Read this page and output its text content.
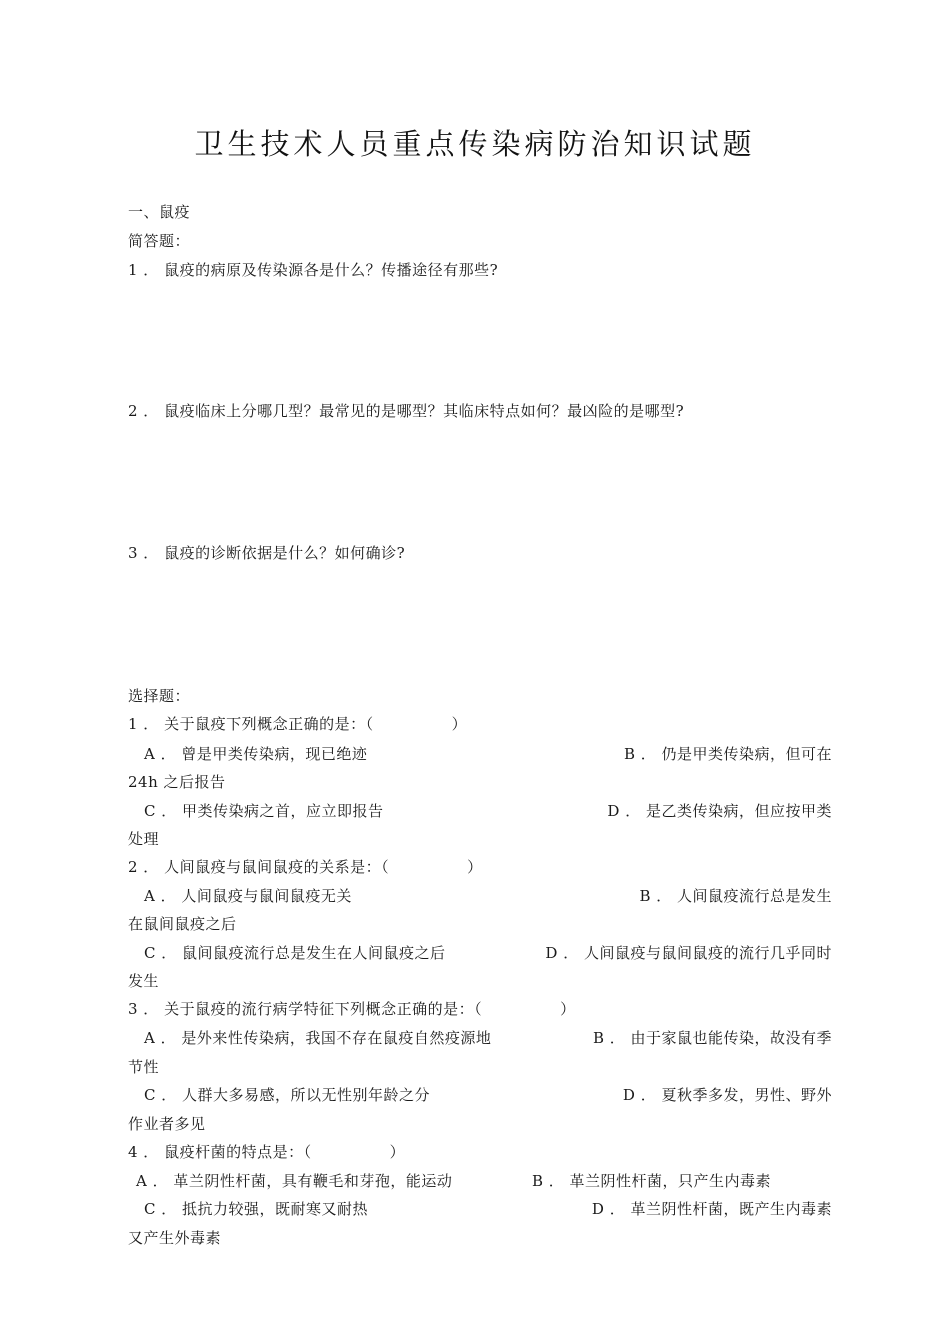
卫生技术人员重点传染病防治知识试题
一、鼠疫
简答题：
1 ． 鼠疫的病原及传染源各是什么？传播途径有那些?
2 ． 鼠疫临床上分哪几型？最常见的是哪型？其临床特点如何？最凶险的是哪型?
3 ． 鼠疫的诊断依据是什么？如何确诊?
选择题：
1 ． 关于鼠疫下列概念正确的是：（	）
A ． 曾是甲类传染病，现已绝迹	B ． 仍是甲类传染病，但可在
24h 之后报告
C ． 甲类传染病之首，应立即报告	D ． 是乙类传染病，但应按甲类
处理
2 ． 人间鼠疫与鼠间鼠疫的关系是：（	）
A ． 人间鼠疫与鼠间鼠疫无关	B ． 人间鼠疫流行总是发生
在鼠间鼠疫之后
C ． 鼠间鼠疫流行总是发生在人间鼠疫之后	D ． 人间鼠疫与鼠间鼠疫的流行几乎同时
发生
3 ． 关于鼠疫的流行病学特征下列概念正确的是：（	）
A ． 是外来性传染病，我国不存在鼠疫自然疫源地	B ． 由于家鼠也能传染，故没有季
节性
C ． 人群大多易感，所以无性别年龄之分	D ． 夏秋季多发，男性、野外
作业者多见
4 ． 鼠疫杆菌的特点是：（	）
A ． 革兰阴性杆菌，具有鞭毛和芽孢，能运动	B ． 革兰阴性杆菌，只产生内毒素
C ． 抵抗力较强，既耐寒又耐热	D ． 革兰阴性杆菌，既产生内毒素
又产生外毒素
